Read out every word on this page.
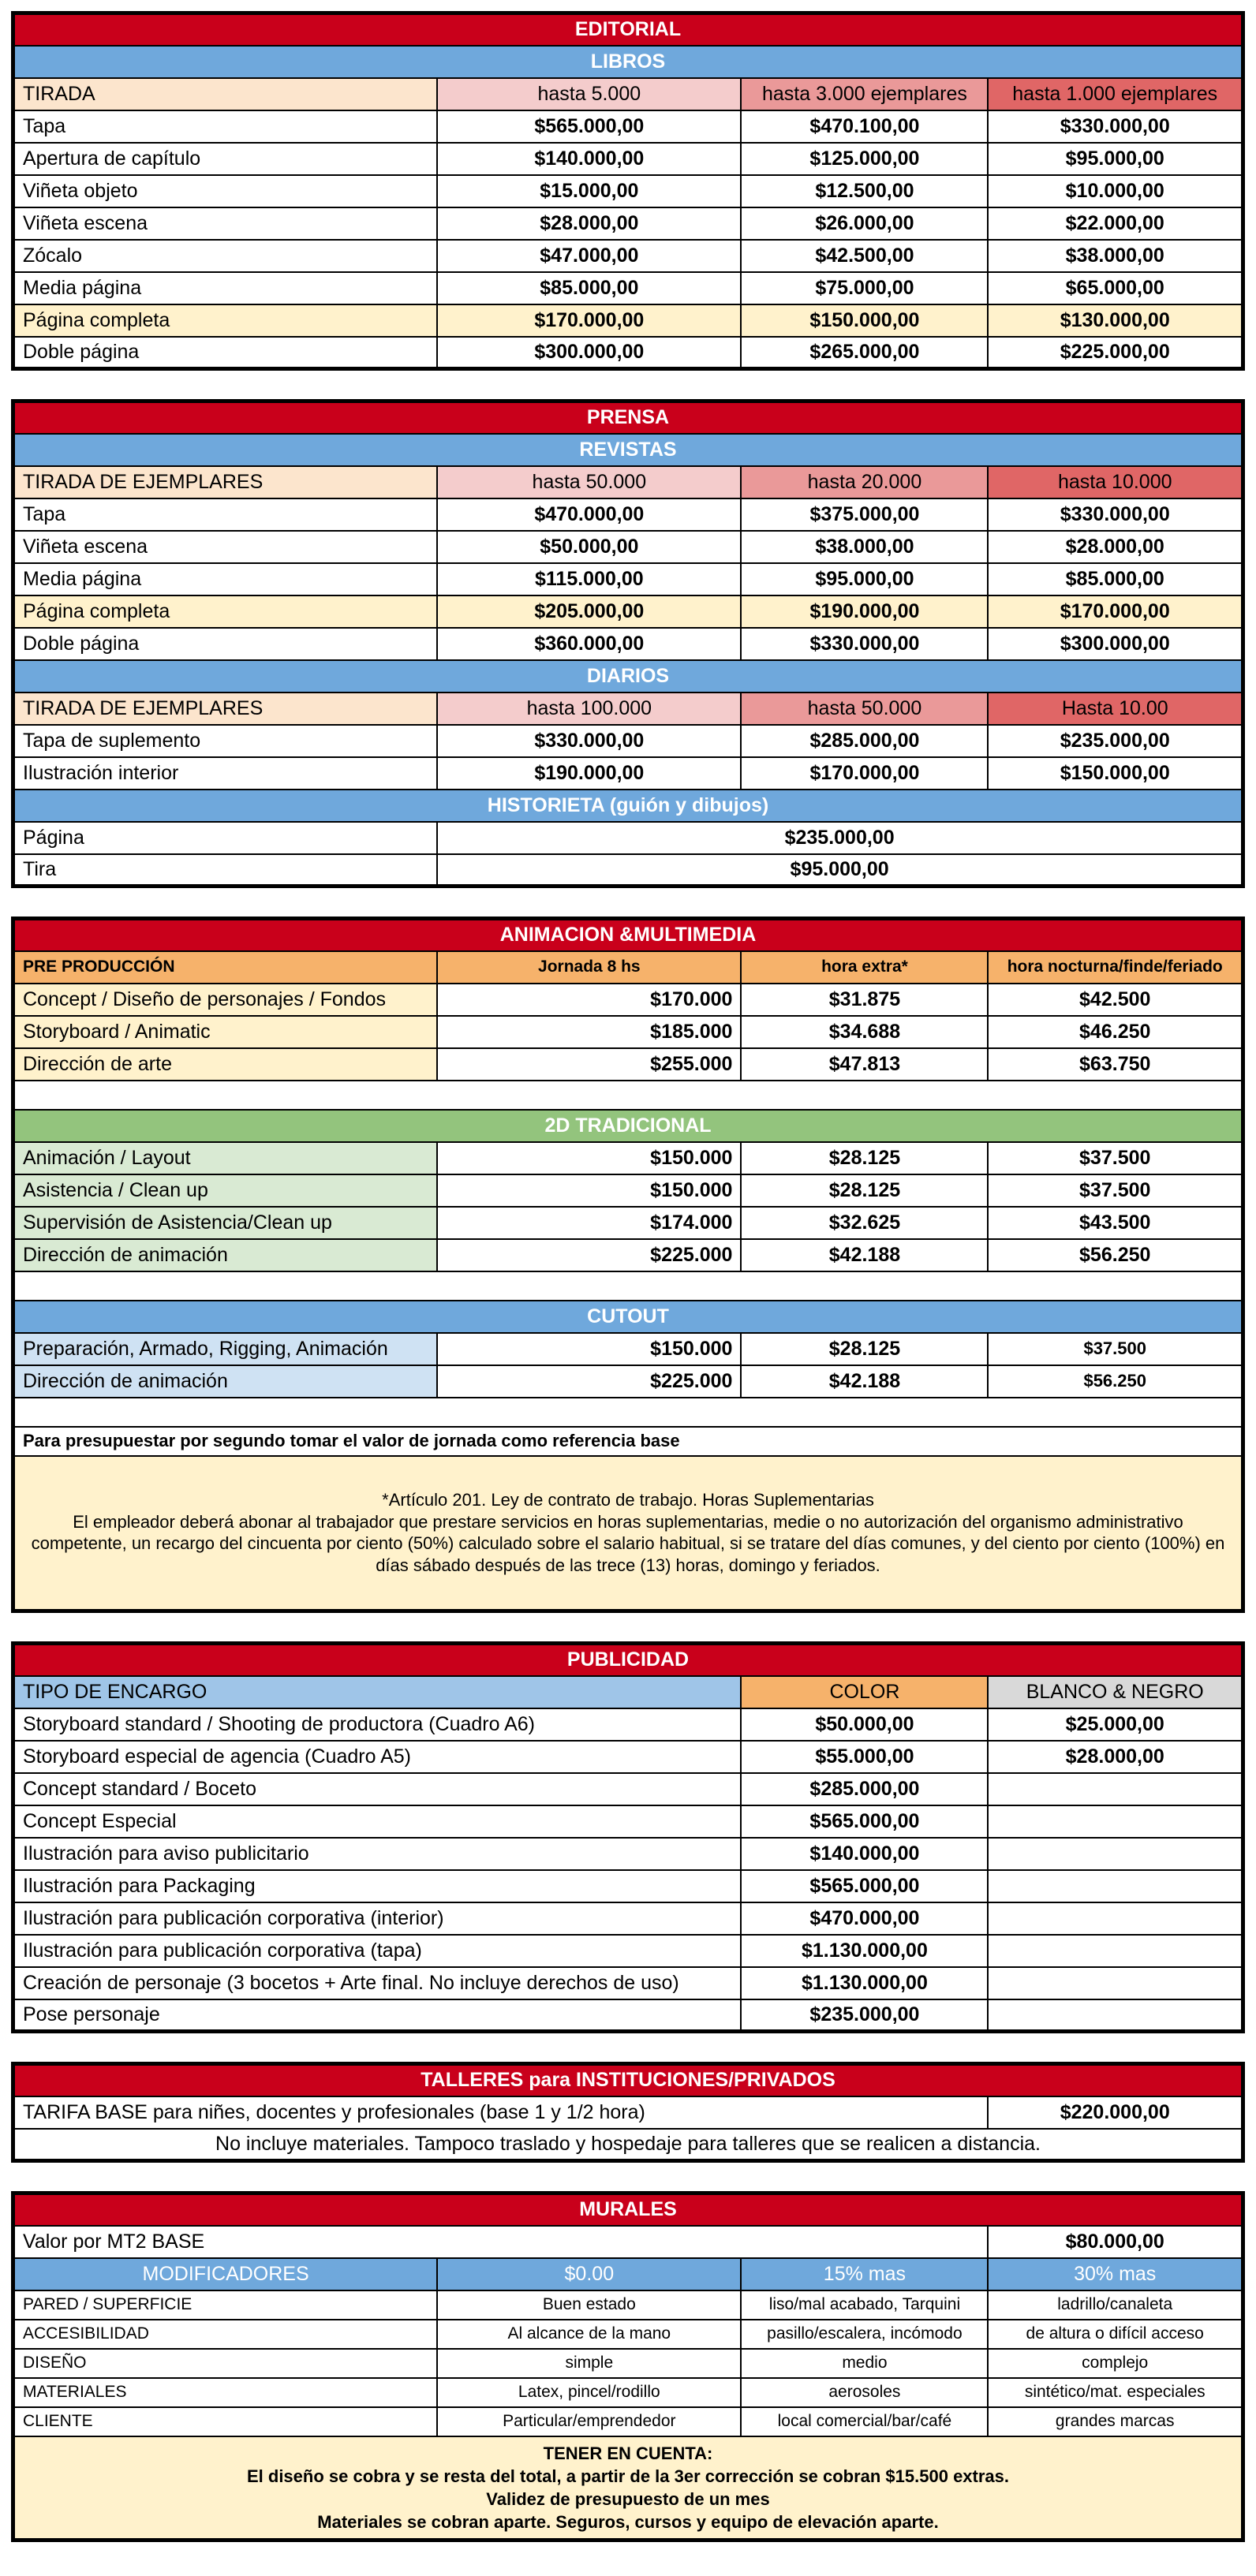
EDITORIAL			
LIBROS			
TIRADA	hasta 5.000	hasta 3.000 ejemplares	hasta 1.000 ejemplares
Tapa	$565.000,00	$470.100,00	$330.000,00
Apertura de capítulo	$140.000,00	$125.000,00	$95.000,00
Viñeta objeto	$15.000,00	$12.500,00	$10.000,00
Viñeta escena	$28.000,00	$26.000,00	$22.000,00
Zócalo	$47.000,00	$42.500,00	$38.000,00
Media página	$85.000,00	$75.000,00	$65.000,00
Página completa	$170.000,00	$150.000,00	$130.000,00
Doble página	$300.000,00	$265.000,00	$225.000,00
PRENSA			
REVISTAS			
TIRADA DE EJEMPLARES	hasta 50.000	hasta 20.000	hasta 10.000
Tapa	$470.000,00	$375.000,00	$330.000,00
Viñeta escena	$50.000,00	$38.000,00	$28.000,00
Media página	$115.000,00	$95.000,00	$85.000,00
Página completa	$205.000,00	$190.000,00	$170.000,00
Doble página	$360.000,00	$330.000,00	$300.000,00
DIARIOS			
TIRADA DE EJEMPLARES	hasta 100.000	hasta 50.000	Hasta 10.00
Tapa de suplemento	$330.000,00	$285.000,00	$235.000,00
Ilustración interior	$190.000,00	$170.000,00	$150.000,00
HISTORIETA (guión y dibujos)			
Página	$235.000,00		
Tira	$95.000,00		
ANIMACION &MULTIMEDIA			
PRE PRODUCCIÓN	Jornada 8 hs	hora extra*	hora nocturna/finde/feriado
Concept / Diseño de personajes / Fondos	$170.000	$31.875	$42.500
Storyboard / Animatic	$185.000	$34.688	$46.250
Dirección de arte	$255.000	$47.813	$63.750

2D TRADICIONAL			
Animación / Layout	$150.000	$28.125	$37.500
Asistencia / Clean up	$150.000	$28.125	$37.500
Supervisión de Asistencia/Clean up	$174.000	$32.625	$43.500
Dirección de animación	$225.000	$42.188	$56.250

CUTOUT			
Preparación, Armado, Rigging, Animación	$150.000	$28.125	$37.500
Dirección de animación	$225.000	$42.188	$56.250

Para presupuestar por segundo tomar el valor de jornada como referencia base			

*Artículo 201. Ley de contrato de trabajo. Horas Suplementarias
El empleador deberá abonar al trabajador que prestare servicios en horas suplementarias, medie o no autorización del organismo administrativo competente, un recargo del cincuenta por ciento (50%) calculado sobre el salario habitual, si se tratare del días comunes, y del ciento por ciento (100%) en días sábado después de las trece (13) horas, domingo y feriados.			
PUBLICIDAD		
TIPO DE ENCARGO	COLOR	BLANCO & NEGRO
Storyboard standard / Shooting de productora (Cuadro A6)	$50.000,00	$25.000,00
Storyboard especial de agencia (Cuadro A5)	$55.000,00	$28.000,00
Concept standard / Boceto	$285.000,00	
Concept Especial	$565.000,00	
Ilustración para aviso publicitario	$140.000,00	
Ilustración para Packaging	$565.000,00	
Ilustración para publicación corporativa (interior)	$470.000,00	
Ilustración para publicación corporativa (tapa)	$1.130.000,00	
Creación de personaje (3 bocetos + Arte final. No incluye derechos de uso)	$1.130.000,00	
Pose personaje	$235.000,00	
TALLERES para INSTITUCIONES/PRIVADOS
TARIFA BASE para niñes, docentes y profesionales (base 1 y 1/2 hora)	$220.000,00
No incluye materiales. Tampoco traslado y hospedaje para talleres que se realicen a distancia.
MURALES			
Valor por MT2 BASE			$80.000,00
MODIFICADORES	$0.00	15% mas	30% mas
PARED / SUPERFICIE	Buen estado	liso/mal acabado, Tarquini	ladrillo/canaleta
ACCESIBILIDAD	Al alcance de la mano	pasillo/escalera, incómodo	de altura o difícil acceso
DISEÑO	simple	medio	complejo
MATERIALES	Latex, pincel/rodillo	aerosoles	sintético/mat. especiales
CLIENTE	Particular/emprendedor	local comercial/bar/café	grandes marcas

TENER EN CUENTA:
El diseño se cobra y se resta del total, a partir de la 3er corrección se cobran $15.500 extras.
Validez de presupuesto de un mes
Materiales se cobran aparte. Seguros, cursos y equipo de elevación aparte.			
